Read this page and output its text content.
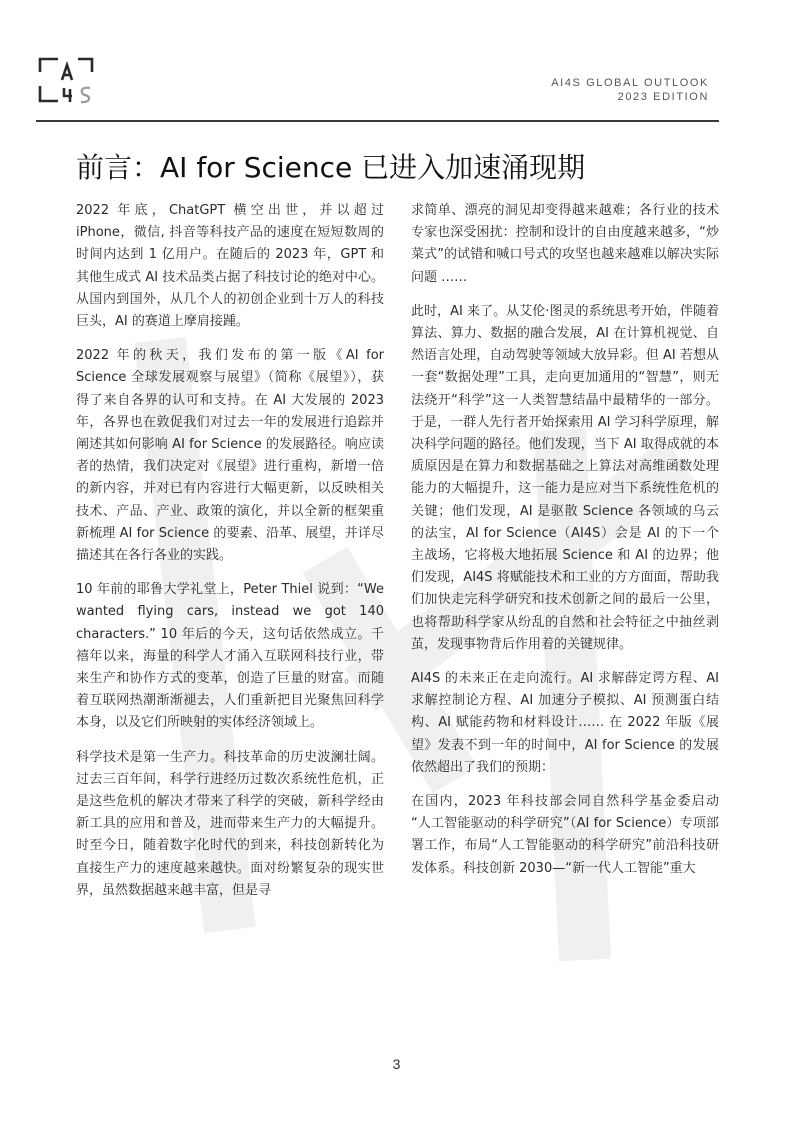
AI4S GLOBAL OUTLOOK
2023 EDITION
前言：AI for Science 已进入加速涌现期

2022 年底，ChatGPT 横空出世，并以超过 iPhone，微信, 抖音等科技产品的速度在短短数周的时间内达到 1 亿用户。在随后的 2023 年，GPT 和其他生成式 AI 技术品类占据了科技讨论的绝对中心。从国内到国外，从几个人的初创企业到十万人的科技巨头，AI 的赛道上摩肩接踵。

2022 年的秋天，我们发布的第一版《AI for Science 全球发展观察与展望》（简称《展望》），获得了来自各界的认可和支持。在 AI 大发展的 2023 年，各界也在敦促我们对过去一年的发展进行追踪并阐述其如何影响 AI for Science 的发展路径。响应读者的热情，我们决定对《展望》进行重构，新增一倍的新内容，并对已有内容进行大幅更新，以反映相关技术、产品、产业、政策的演化，并以全新的框架重新梳理 AI for Science 的要素、沿革、展望，并详尽描述其在各行各业的实践。

10 年前的耶鲁大学礼堂上，Peter Thiel 说到：“We wanted flying cars, instead we got 140 characters.” 10 年后的今天，这句话依然成立。千禧年以来，海量的科学人才涌入互联网科技行业，带来生产和协作方式的变革，创造了巨量的财富。而随着互联网热潮渐渐褪去，人们重新把目光聚焦回科学本身，以及它们所映射的实体经济领域上。

科学技术是第一生产力。科技革命的历史波澜壮阔。过去三百年间，科学行进经历过数次系统性危机，正是这些危机的解决才带来了科学的突破，新科学经由新工具的应用和普及，进而带来生产力的大幅提升。时至今日，随着数字化时代的到来，科技创新转化为直接生产力的速度越来越快。面对纷繁复杂的现实世界，虽然数据越来越丰富，但是寻

求简单、漂亮的洞见却变得越来越难；各行业的技术专家也深受困扰：控制和设计的自由度越来越多，“炒菜式”的试错和喊口号式的攻坚也越来越难以解决实际问题 ……

此时，AI 来了。从艾伦·图灵的系统思考开始，伴随着算法、算力、数据的融合发展，AI 在计算机视觉、自然语言处理，自动驾驶等领域大放异彩。但 AI 若想从一套“数据处理”工具，走向更加通用的“智慧”，则无法绕开“科学”这一人类智慧结晶中最精华的一部分。于是，一群人先行者开始探索用 AI 学习科学原理，解决科学问题的路径。他们发现，当下 AI 取得成就的本质原因是在算力和数据基础之上算法对高维函数处理能力的大幅提升，这一能力是应对当下系统性危机的关键；他们发现，AI 是驱散 Science 各领域的乌云的法宝，AI for Science（AI4S）会是 AI 的下一个主战场，它将极大地拓展 Science 和 AI 的边界；他们发现，AI4S 将赋能技术和工业的方方面面，帮助我们加快走完科学研究和技术创新之间的最后一公里，也将帮助科学家从纷乱的自然和社会特征之中抽丝剥茧，发现事物背后作用着的关键规律。

AI4S 的未来正在走向流行。AI 求解薛定谔方程、AI 求解控制论方程、AI 加速分子模拟、AI 预测蛋白结构、AI 赋能药物和材料设计…… 在 2022 年版《展望》发表不到一年的时间中，AI for Science 的发展依然超出了我们的预期：

在国内，2023 年科技部会同自然科学基金委启动 “人工智能驱动的科学研究”（AI for Science）专项部署工作，布局“人工智能驱动的科学研究”前沿科技研发体系。科技创新 2030—“新一代人工智能”重大

3
